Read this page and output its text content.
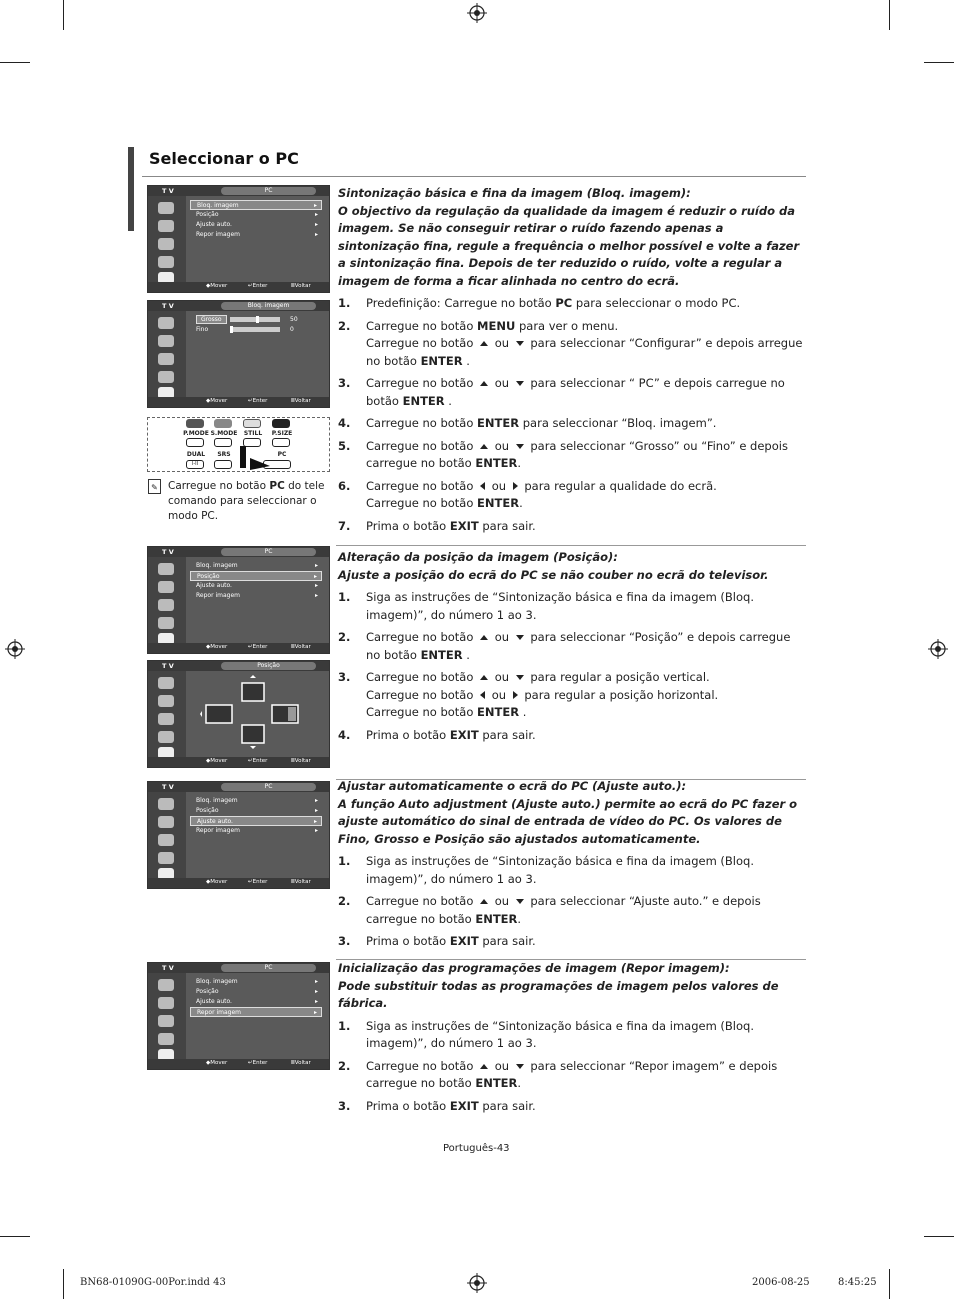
Seleccionar o PC
T V	PC
Bloq. imagem	▸
Posição	▸
Ajuste auto.	▸
Repor imagem	▸
◆Mover	↵Enter	ⅢVoltar
T V	Bloq. imagem
Grosso	50
Fino	0
◆Mover	↵Enter	ⅢVoltar
P.MODE S.MODE	STILL	P.SIZE
DUAL	SRS	PC
I-II
✎ Carregue no botão PC do tele comando para seleccionar o modo PC.
Sintonização básica e fina da imagem (Bloq. imagem):
O objectivo da regulação da qualidade da imagem é reduzir o ruído da imagem. Se não conseguir retirar o ruído fazendo apenas a sintonização fina, regule a frequência o melhor possível e volte a fazer a sintonização fina. Depois de ter reduzido o ruído, volte a regular a imagem de forma a ficar alinhada no centro do ecrã.
1. Predefinição: Carregue no botão PC para seleccionar o modo PC.
2. Carregue no botão MENU para ver o menu.
Carregue no botão  ou  para seleccionar “Configurar” e depois arregue no botão ENTER .
3. Carregue no botão  ou  para seleccionar “ PC” e depois carregue no botão ENTER .
4. Carregue no botão ENTER para seleccionar “Bloq. imagem”.
5. Carregue no botão  ou  para seleccionar “Grosso” ou “Fino” e depois carregue no botão ENTER.
6. Carregue no botão  ou  para regular a qualidade do ecrã.
Carregue no botão ENTER.
7. Prima o botão EXIT para sair.
T V	PC
Bloq. imagem	▸
Posição	▸
Ajuste auto.	▸
Repor imagem	▸
◆Mover	↵Enter	ⅢVoltar
T V	Posição
◆Mover	↵Enter	ⅢVoltar
Alteração da posição da imagem (Posição):
Ajuste a posição do ecrã do PC se não couber no ecrã do televisor.
1. Siga as instruções de “Sintonização básica e fina da imagem (Bloq. imagem)”, do número 1 ao 3.
2. Carregue no botão  ou  para seleccionar “Posição” e depois carregue no botão ENTER .
3. Carregue no botão  ou  para regular a posição vertical.
Carregue no botão  ou  para regular a posição horizontal.
Carregue no botão ENTER .
4. Prima o botão EXIT para sair.
T V	PC
Bloq. imagem	▸
Posição	▸
Ajuste auto.	▸
Repor imagem	▸
◆Mover	↵Enter	ⅢVoltar
Ajustar automaticamente o ecrã do PC (Ajuste auto.):
A função Auto adjustment (Ajuste auto.) permite ao ecrã do PC fazer o ajuste automático do sinal de entrada de vídeo do PC. Os valores de Fino, Grosso e Posição são ajustados automaticamente.
1. Siga as instruções de “Sintonização básica e fina da imagem (Bloq. imagem)”, do número 1 ao 3.
2. Carregue no botão  ou  para seleccionar “Ajuste auto.” e depois carregue no botão ENTER.
3. Prima o botão EXIT para sair.
T V	PC
Bloq. imagem	▸
Posição	▸
Ajuste auto.	▸
Repor imagem	▸
◆Mover	↵Enter	ⅢVoltar
Inicialização das programações de imagem (Repor imagem):
Pode substituir todas as programações de imagem pelos valores de fábrica.
1. Siga as instruções de “Sintonização básica e fina da imagem (Bloq. imagem)”, do número 1 ao 3.
2. Carregue no botão  ou  para seleccionar “Repor imagem” e depois carregue no botão ENTER.
3. Prima o botão EXIT para sair.
Português-43
BN68-01090G-00Por.indd 43	2006-08-25	8:45:25
